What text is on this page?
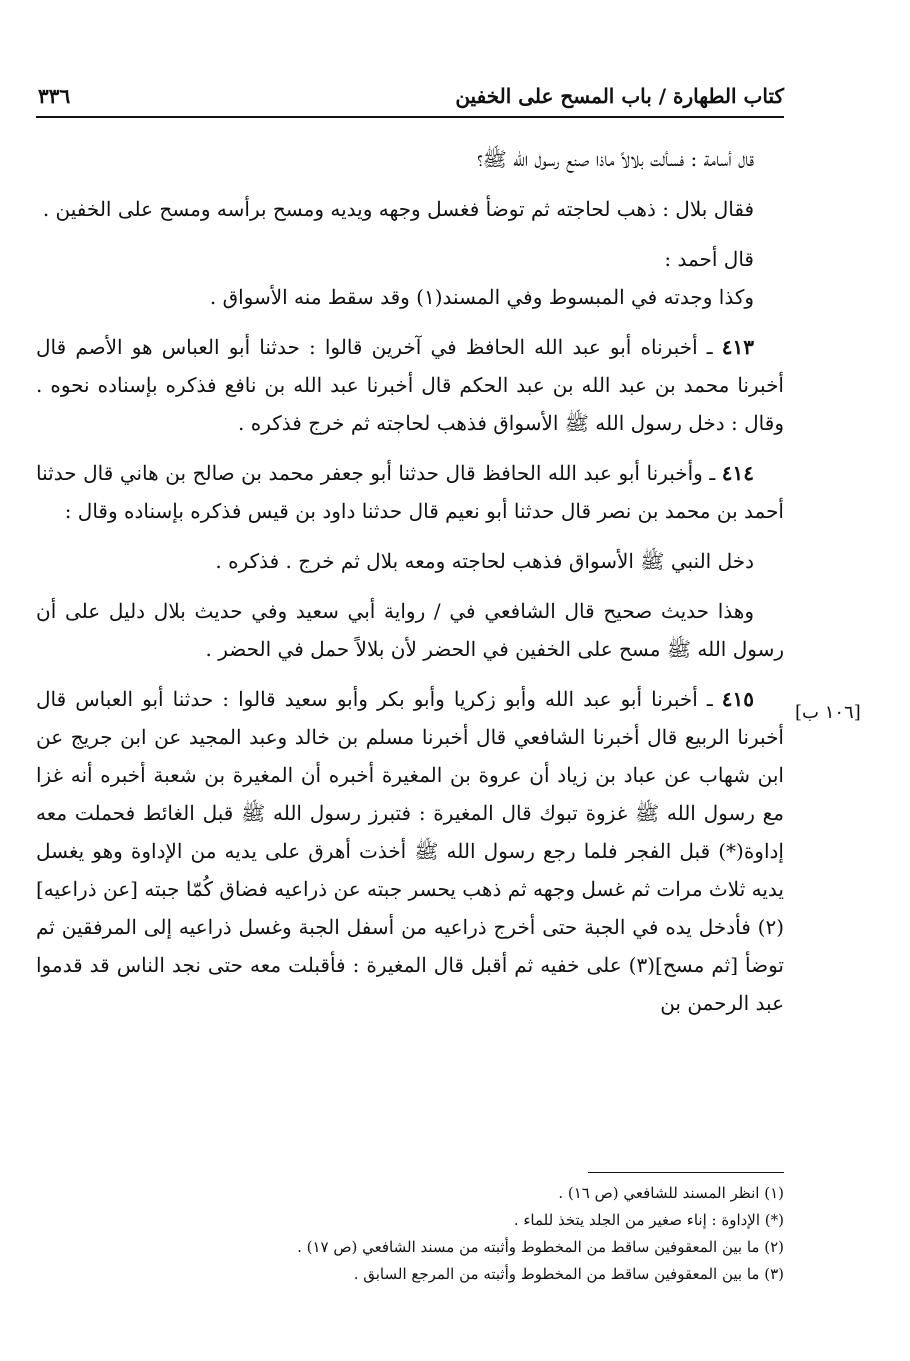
كتاب الطهارة / باب المسح على الخفين
٣٣٦
[١٠٦ ب]

قال أسامة : فسألت بلالاً ماذا صنع رسول الله ﷺ؟

فقال بلال : ذهب لحاجته ثم توضأ فغسل وجهه ويديه ومسح برأسه ومسح على الخفين .

قال أحمد :

وكذا وجدته في المبسوط وفي المسند(١) وقد سقط منه الأسواق .

٤١٣ ـ أخبرناه أبو عبد الله الحافظ في آخرين قالوا : حدثنا أبو العباس هو الأصم قال أخبرنا محمد بن عبد الله بن عبد الحكم قال أخبرنا عبد الله بن نافع فذكره بإسناده نحوه . وقال : دخل رسول الله ﷺ الأسواق فذهب لحاجته ثم خرج فذكره .

٤١٤ ـ وأخبرنا أبو عبد الله الحافظ قال حدثنا أبو جعفر محمد بن صالح بن هاني قال حدثنا أحمد بن محمد بن نصر قال حدثنا أبو نعيم قال حدثنا داود بن قيس فذكره بإسناده وقال :

دخل النبي ﷺ الأسواق فذهب لحاجته ومعه بلال ثم خرج . فذكره .

وهذا حديث صحيح قال الشافعي في / رواية أبي سعيد وفي حديث بلال دليل على أن رسول الله ﷺ مسح على الخفين في الحضر لأن بلالاً حمل في الحضر .

٤١٥ ـ أخبرنا أبو عبد الله وأبو زكريا وأبو بكر وأبو سعيد قالوا : حدثنا أبو العباس قال أخبرنا الربيع قال أخبرنا الشافعي قال أخبرنا مسلم بن خالد وعبد المجيد عن ابن جريج عن ابن شهاب عن عباد بن زياد أن عروة بن المغيرة أخبره أن المغيرة بن شعبة أخبره أنه غزا مع رسول الله ﷺ غزوة تبوك قال المغيرة : فتبرز رسول الله ﷺ قبل الغائط فحملت معه إداوة(*) قبل الفجر فلما رجع رسول الله ﷺ أخذت أهرق على يديه من الإداوة وهو يغسل يديه ثلاث مرات ثم غسل وجهه ثم ذهب يحسر جبته عن ذراعيه فضاق كُمّا جبته [عن ذراعيه](٢) فأدخل يده في الجبة حتى أخرج ذراعيه من أسفل الجبة وغسل ذراعيه إلى المرفقين ثم توضأ [ثم مسح](٣) على خفيه ثم أقبل قال المغيرة : فأقبلت معه حتى نجد الناس قد قدموا عبد الرحمن بن

(١) انظر المسند للشافعي (ص ١٦) .
(*) الإداوة : إناء صغير من الجلد يتخذ للماء .
(٢) ما بين المعقوفين ساقط من المخطوط وأثبته من مسند الشافعي (ص ١٧) .
(٣) ما بين المعقوفين ساقط من المخطوط وأثبته من المرجع السابق .
